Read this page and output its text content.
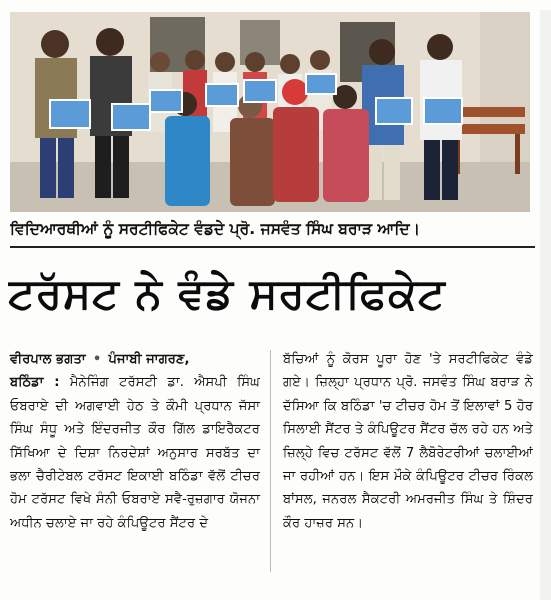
ਵਿਦਿਆਰਥੀਆਂ ਨੂੰ ਸਰਟੀਫਿਕੇਟ ਵੰਡਦੇ ਪ੍ਰੋ. ਜਸਵੰਤ ਸਿੰਘ ਬਰਾੜ ਆਦਿ।
ਟਰੱਸਟ ਨੇ ਵੰਡੇ ਸਰਟੀਫਿਕੇਟ
ਵੀਰਪਾਲ ਭਗਤਾ • ਪੰਜਾਬੀ ਜਾਗਰਣ,
ਬਠਿੰਡਾ : ਮੈਨੇਜਿੰਗ ਟਰੱਸਟੀ ਡਾ. ਐਸਪੀ ਸਿੰਘ ਓਬਰਾਏ ਦੀ ਅਗਵਾਈ ਹੇਠ ਤੇ ਕੌਮੀ ਪ੍ਰਧਾਨ ਜੱਸਾ ਸਿੰਘ ਸੰਧੂ ਅਤੇ ਇੰਦਰਜੀਤ ਕੌਰ ਗਿੱਲ ਡਾਇਰੈਕਟਰ ਸਿੱਖਿਆ ਦੇ ਦਿਸ਼ਾ ਨਿਰਦੇਸ਼ਾਂ ਅਨੁਸਾਰ ਸਰਬੱਤ ਦਾ ਭਲਾ ਚੈਰੀਟੇਬਲ ਟਰੱਸਟ ਇਕਾਈ ਬਠਿੰਡਾ ਵੱਲੋਂ ਟੀਚਰ ਹੋਮ ਟਰੱਸਟ ਵਿਖੇ ਸੰਨੀ ਓਬਰਾਏ ਸਵੈ-ਰੁਜ਼ਗਾਰ ਯੋਜਨਾ ਅਧੀਨ ਚਲਾਏ ਜਾ ਰਹੇ ਕੰਪਿਊਟਰ ਸੈਂਟਰ ਦੇ
ਬੱਚਿਆਂ ਨੂੰ ਕੋਰਸ ਪੂਰਾ ਹੋਣ 'ਤੇ ਸਰਟੀਫਿਕੇਟ ਵੰਡੇ ਗਏ। ਜ਼ਿਲ੍ਹਾ ਪ੍ਰਧਾਨ ਪ੍ਰੋ. ਜਸਵੰਤ ਸਿੰਘ ਬਰਾੜ ਨੇ ਦੱਸਿਆ ਕਿ ਬਠਿੰਡਾ 'ਚ ਟੀਚਰ ਹੋਮ ਤੋਂ ਇਲਾਵਾਂ 5 ਹੋਰ ਸਿਲਾਈ ਸੈਂਟਰ ਤੇ ਕੰਪਿਊਟਰ ਸੈਂਟਰ ਚੱਲ ਰਹੇ ਹਨ ਅਤੇ ਜ਼ਿਲ੍ਹੇ ਵਿਚ ਟਰੱਸਟ ਵੱਲੋਂ 7 ਲੈਬੋਰੇਟਰੀਆਂ ਚਲਾਈਆਂ ਜਾ ਰਹੀਆਂ ਹਨ। ਇਸ ਮੌਕੇ ਕੰਪਿਊਟਰ ਟੀਚਰ ਰਿੰਕਲ ਬਾਂਸਲ, ਜਨਰਲ ਸੈਕਟਰੀ ਅਮਰਜੀਤ ਸਿੰਘ ਤੇ ਸ਼ਿੰਦਰ ਕੌਰ ਹਾਜ਼ਰ ਸਨ।
